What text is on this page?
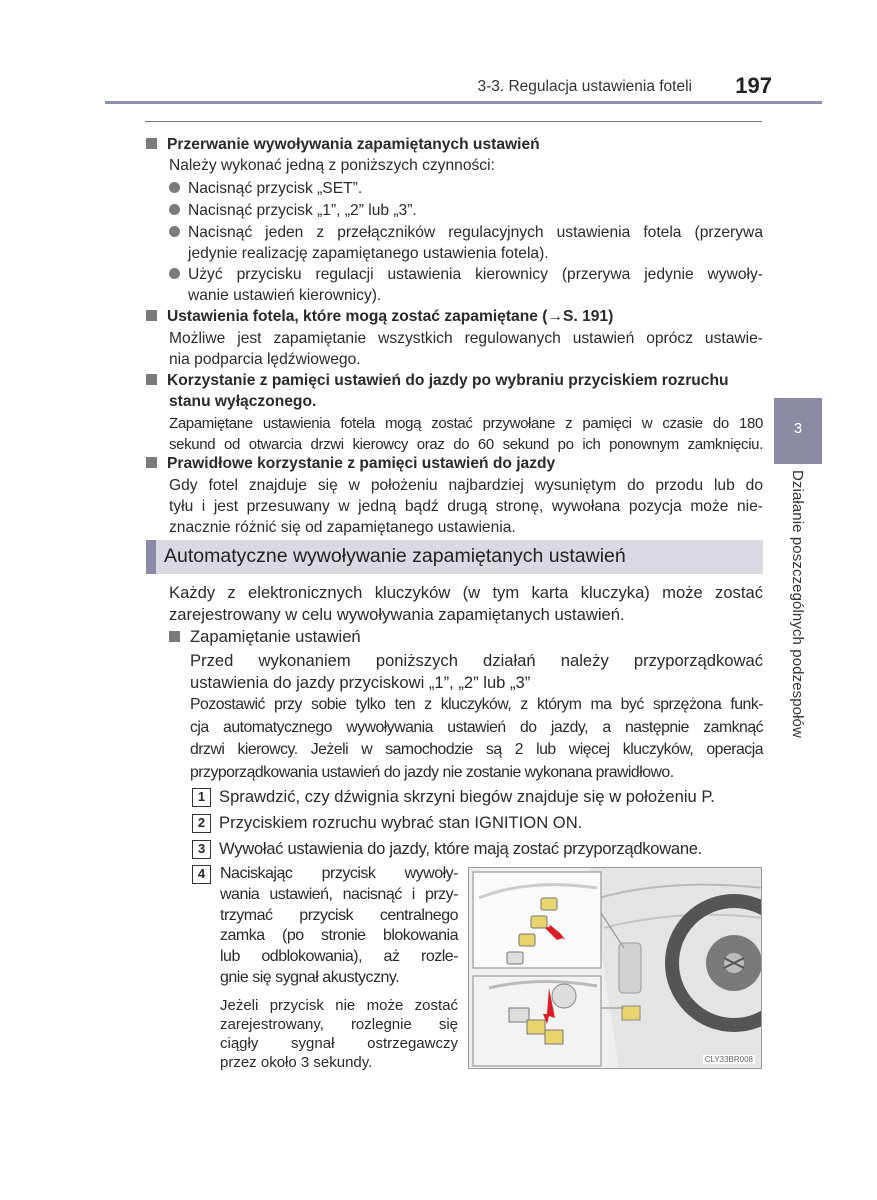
3-3. Regulacja ustawienia foteli 197
3
Działanie poszczególnych podzespołów
Przerwanie wywoływania zapamiętanych ustawień
Należy wykonać jedną z poniższych czynności:
Nacisnąć przycisk „SET”.
Nacisnąć przycisk „1”, „2” lub „3”.
Nacisnąć jeden z przełączników regulacyjnych ustawienia fotela (przerywa
jedynie realizację zapamiętanego ustawienia fotela).
Użyć przycisku regulacji ustawienia kierownicy (przerywa jedynie wywoły-
wanie ustawień kierownicy).
Ustawienia fotela, które mogą zostać zapamiętane (→S. 191)
Możliwe jest zapamiętanie wszystkich regulowanych ustawień oprócz ustawie-
nia podparcia lędźwiowego.
Korzystanie z pamięci ustawień do jazdy po wybraniu przyciskiem rozruchu
stanu wyłączonego.
Zapamiętane ustawienia fotela mogą zostać przywołane z pamięci w czasie do 180
sekund od otwarcia drzwi kierowcy oraz do 60 sekund po ich ponownym zamknięciu.
Prawidłowe korzystanie z pamięci ustawień do jazdy
Gdy fotel znajduje się w położeniu najbardziej wysuniętym do przodu lub do
tyłu i jest przesuwany w jedną bądź drugą stronę, wywołana pozycja może nie-
znacznie różnić się od zapamiętanego ustawienia.
Automatyczne wywoływanie zapamiętanych ustawień
Każdy z elektronicznych kluczyków (w tym karta kluczyka) może zostać
zarejestrowany w celu wywoływania zapamiętanych ustawień.
Zapamiętanie ustawień
Przed wykonaniem poniższych działań należy przyporządkować
ustawienia do jazdy przyciskowi „1”, „2” lub „3”
Pozostawić przy sobie tylko ten z kluczyków, z którym ma być sprzężona funk-
cja automatycznego wywoływania ustawień do jazdy, a następnie zamknąć
drzwi kierowcy. Jeżeli w samochodzie są 2 lub więcej kluczyków, operacja
przyporządkowania ustawień do jazdy nie zostanie wykonana prawidłowo.
1 Sprawdzić, czy dźwignia skrzyni biegów znajduje się w położeniu P.
2 Przyciskiem rozruchu wybrać stan IGNITION ON.
3 Wywołać ustawienia do jazdy, które mają zostać przyporządkowane.
4 Naciskając przycisk wywoły-
wania ustawień, nacisnąć i przy-
trzymać przycisk centralnego
zamka (po stronie blokowania
lub odblokowania), aż rozle-
gnie się sygnał akustyczny.
Jeżeli przycisk nie może zostać
zarejestrowany, rozlegnie się
ciągły sygnał ostrzegawczy
przez około 3 sekundy.	CLY33BR008
